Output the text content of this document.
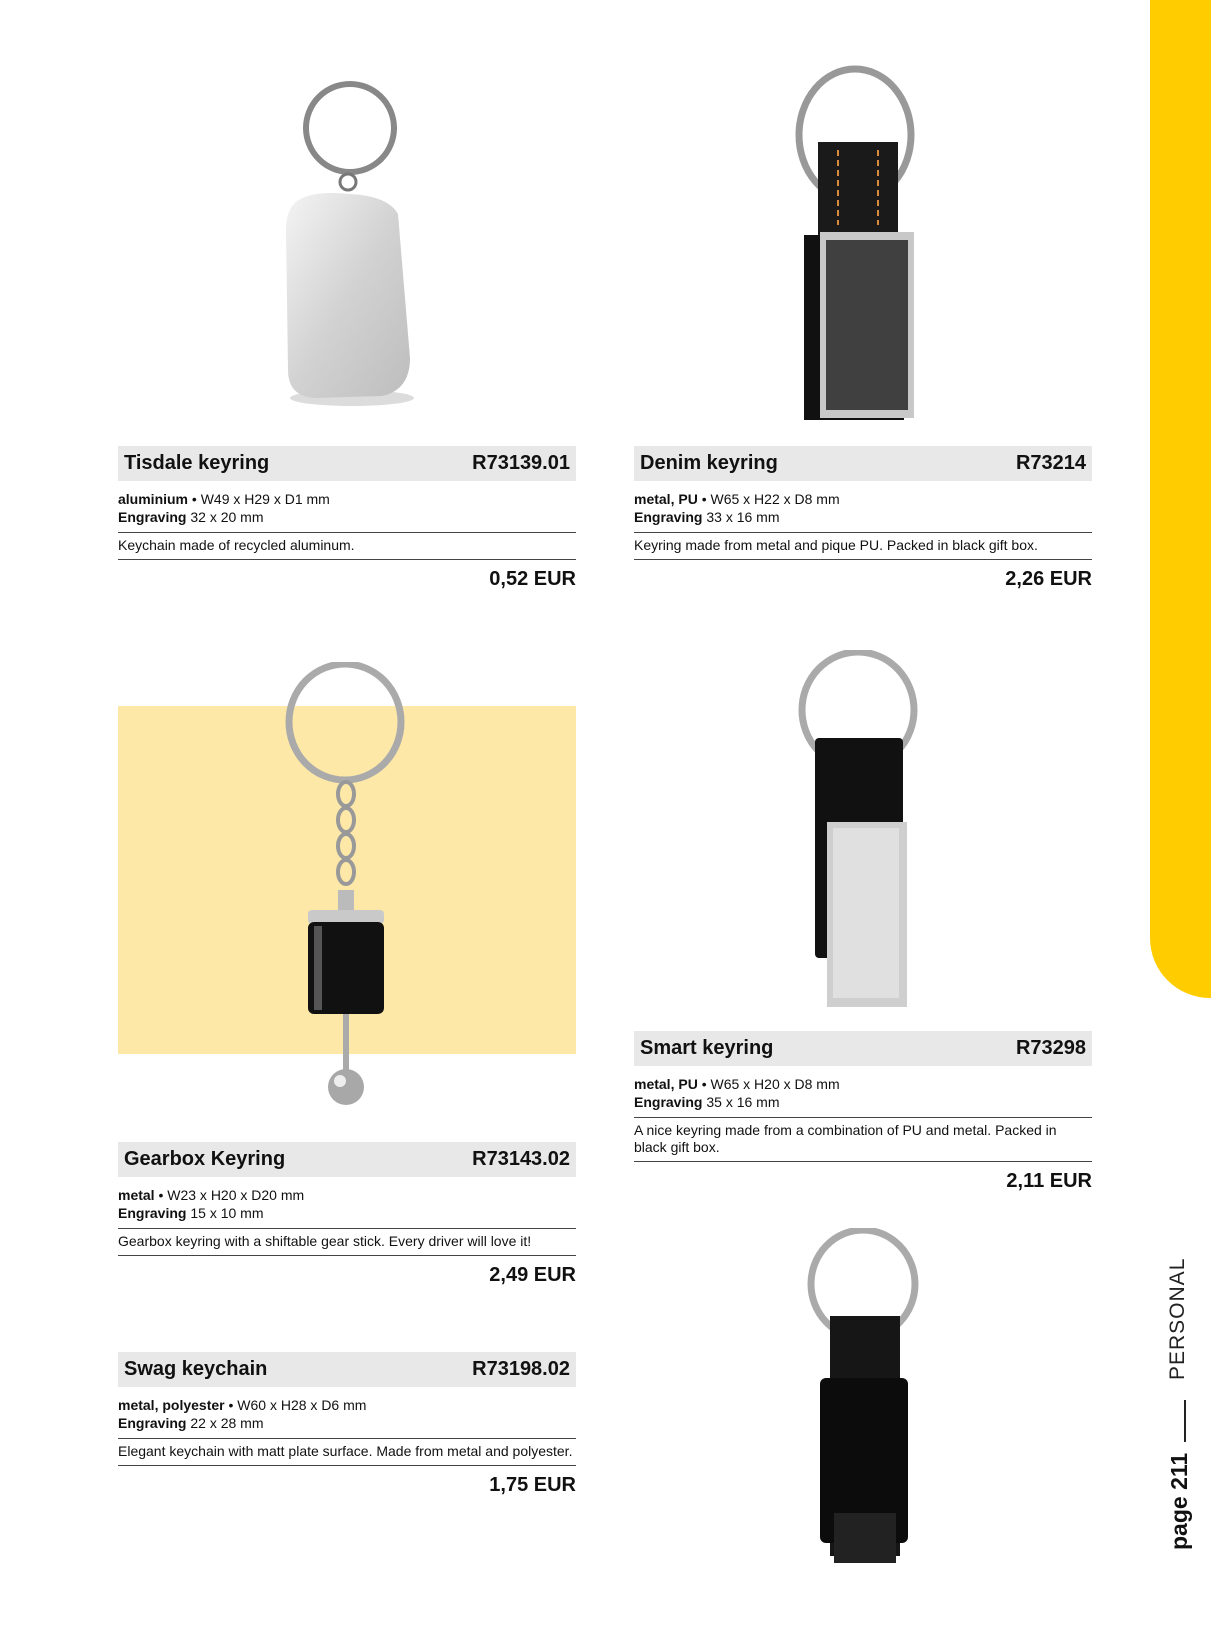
PERSONAL
page 211
Tisdale keyring	R73139.01
aluminium • W49 x H29 x D1 mm
Engraving 32 x 20 mm
Keychain made of recycled aluminum.
0,52 EUR
Denim keyring	R73214
metal, PU • W65 x H22 x D8 mm
Engraving 33 x 16 mm
Keyring made from metal and pique PU. Packed in black gift box.
2,26 EUR
Gearbox Keyring	R73143.02
metal • W23 x H20 x D20 mm
Engraving 15 x 10 mm
Gearbox keyring with a shiftable gear stick. Every driver will love it!
2,49 EUR
Smart keyring	R73298
metal, PU • W65 x H20 x D8 mm
Engraving 35 x 16 mm
A nice keyring made from a combination of PU and metal. Packed in black gift box.
2,11 EUR
Swag keychain	R73198.02
metal, polyester • W60 x H28 x D6 mm
Engraving 22 x 28 mm
Elegant keychain with matt plate surface. Made from metal and polyester.
1,75 EUR
